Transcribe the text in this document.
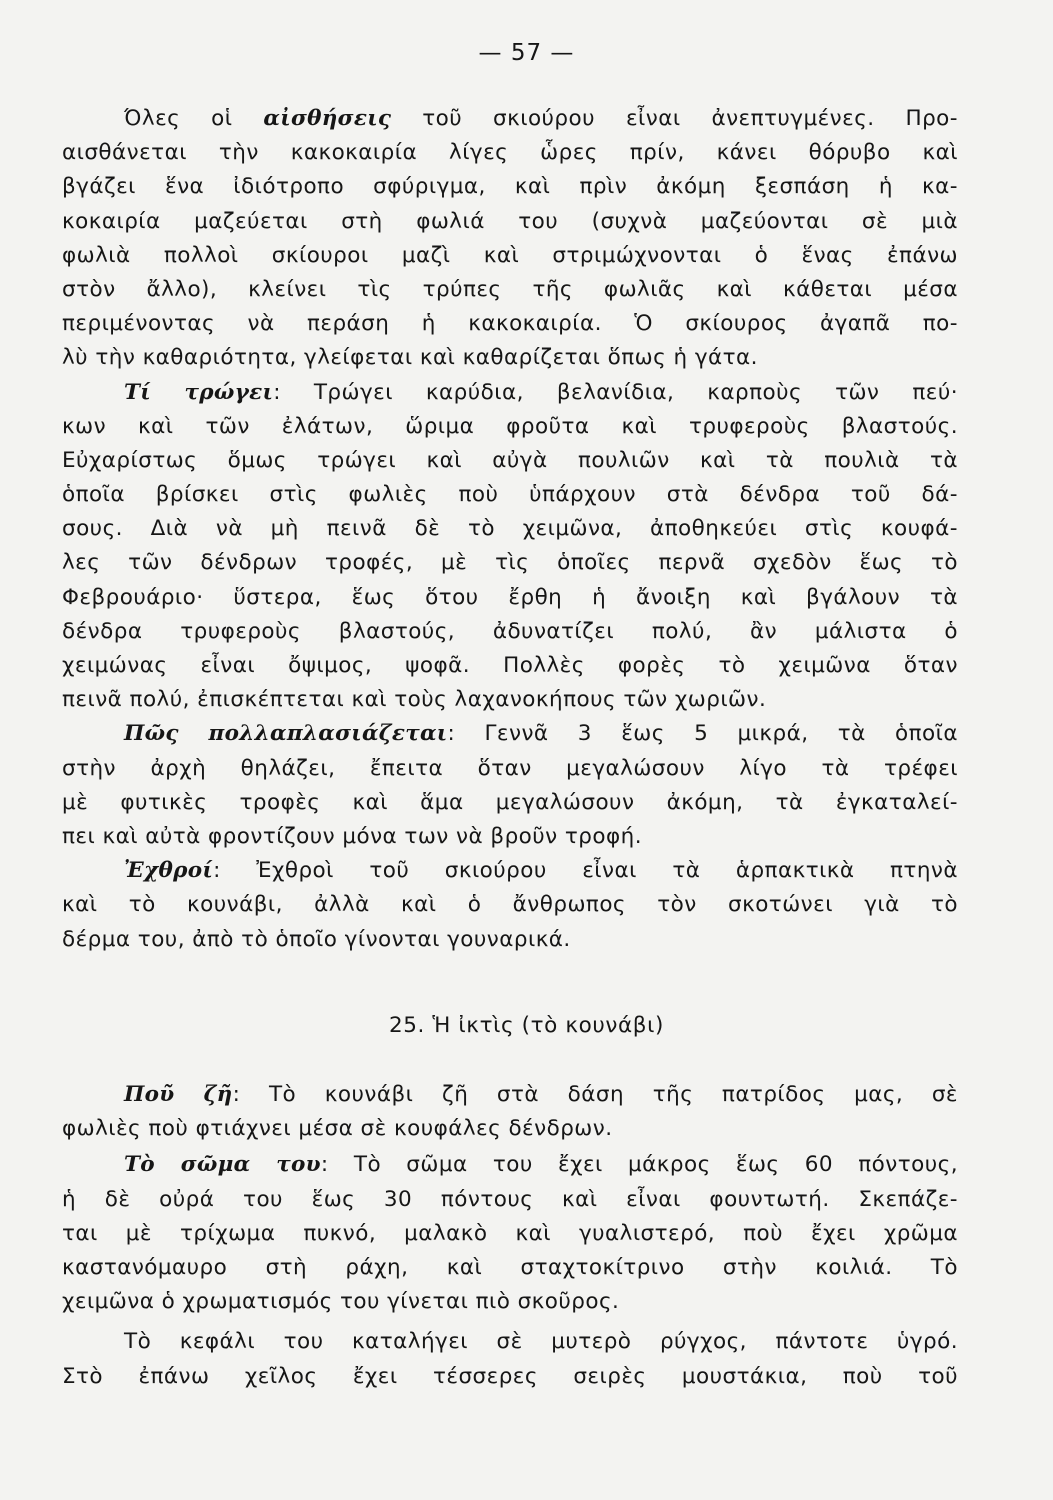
— 57 —
Όλες οἱ αἰσθήσεις τοῦ σκιούρου εἶναι ἀνεπτυγμένες. Προ-
αισθάνεται τὴν κακοκαιρία λίγες ὧρες πρίν, κάνει θόρυβο καὶ
βγάζει ἕνα ἰδιότροπο σφύριγμα, καὶ πρὶν ἀκόμη ξεσπάση ἡ κα-
κοκαιρία μαζεύεται στὴ φωλιά του (συχνὰ μαζεύονται σὲ μιὰ
φωλιὰ πολλοὶ σκίουροι μαζὶ καὶ στριμώχνονται ὁ ἕνας ἐπάνω
στὸν ἄλλο), κλείνει τὶς τρύπες τῆς φωλιᾶς καὶ κάθεται μέσα
περιμένοντας νὰ περάση ἡ κακοκαιρία. Ὁ σκίουρος ἀγαπᾶ πο-
λὺ τὴν καθαριότητα, γλείφεται καὶ καθαρίζεται ὅπως ἡ γάτα.
Τί τρώγει: Τρώγει καρύδια, βελανίδια, καρποὺς τῶν πεύ·
κων καὶ τῶν ἐλάτων, ὥριμα φροῦτα καὶ τρυφεροὺς βλαστούς.
Εὐχαρίστως ὅμως τρώγει καὶ αὐγὰ πουλιῶν καὶ τὰ πουλιὰ τὰ
ὁποῖα βρίσκει στὶς φωλιὲς ποὺ ὑπάρχουν στὰ δένδρα τοῦ δά-
σους. Διὰ νὰ μὴ πεινᾶ δὲ τὸ χειμῶνα, ἀποθηκεύει στὶς κουφά-
λες τῶν δένδρων τροφές, μὲ τὶς ὁποῖες περνᾶ σχεδὸν ἕως τὸ
Φεβρουάριο· ὕστερα, ἕως ὅτου ἔρθη ἡ ἄνοιξη καὶ βγάλουν τὰ
δένδρα τρυφεροὺς βλαστούς, ἀδυνατίζει πολύ, ἂν μάλιστα ὁ
χειμώνας εἶναι ὄψιμος, ψοφᾶ. Πολλὲς φορὲς τὸ χειμῶνα ὅταν
πεινᾶ πολύ, ἐπισκέπτεται καὶ τοὺς λαχανοκήπους τῶν χωριῶν.
Πῶς πολλαπλασιάζεται: Γεννᾶ 3 ἕως 5 μικρά, τὰ ὁποῖα
στὴν ἀρχὴ θηλάζει, ἔπειτα ὅταν μεγαλώσουν λίγο τὰ τρέφει
μὲ φυτικὲς τροφὲς καὶ ἅμα μεγαλώσουν ἀκόμη, τὰ ἐγκαταλεί-
πει καὶ αὐτὰ φροντίζουν μόνα των νὰ βροῦν τροφή.
Ἐχθροί: Ἐχθροὶ τοῦ σκιούρου εἶναι τὰ ἁρπακτικὰ πτηνὰ
καὶ τὸ κουνάβι, ἀλλὰ καὶ ὁ ἄνθρωπος τὸν σκοτώνει γιὰ τὸ
δέρμα του, ἀπὸ τὸ ὁποῖο γίνονται γουναρικά.
25. Ἡ ἰκτὶς (τὸ κουνάβι)
Ποῦ ζῆ: Τὸ κουνάβι ζῆ στὰ δάση τῆς πατρίδος μας, σὲ
φωλιὲς ποὺ φτιάχνει μέσα σὲ κουφάλες δένδρων.
Τὸ σῶμα του: Τὸ σῶμα του ἔχει μάκρος ἕως 60 πόντους,
ἡ δὲ οὐρά του ἕως 30 πόντους καὶ εἶναι φουντωτή. Σκεπάζε-
ται μὲ τρίχωμα πυκνό, μαλακὸ καὶ γυαλιστερό, ποὺ ἔχει χρῶμα
καστανόμαυρο στὴ ράχη, καὶ σταχτοκίτρινο στὴν κοιλιά. Τὸ
χειμῶνα ὁ χρωματισμός του γίνεται πιὸ σκοῦρος.
Τὸ κεφάλι του καταλήγει σὲ μυτερὸ ρύγχος, πάντοτε ὑγρό.
Στὸ ἐπάνω χεῖλος ἔχει τέσσερες σειρὲς μουστάκια, ποὺ τοῦ
